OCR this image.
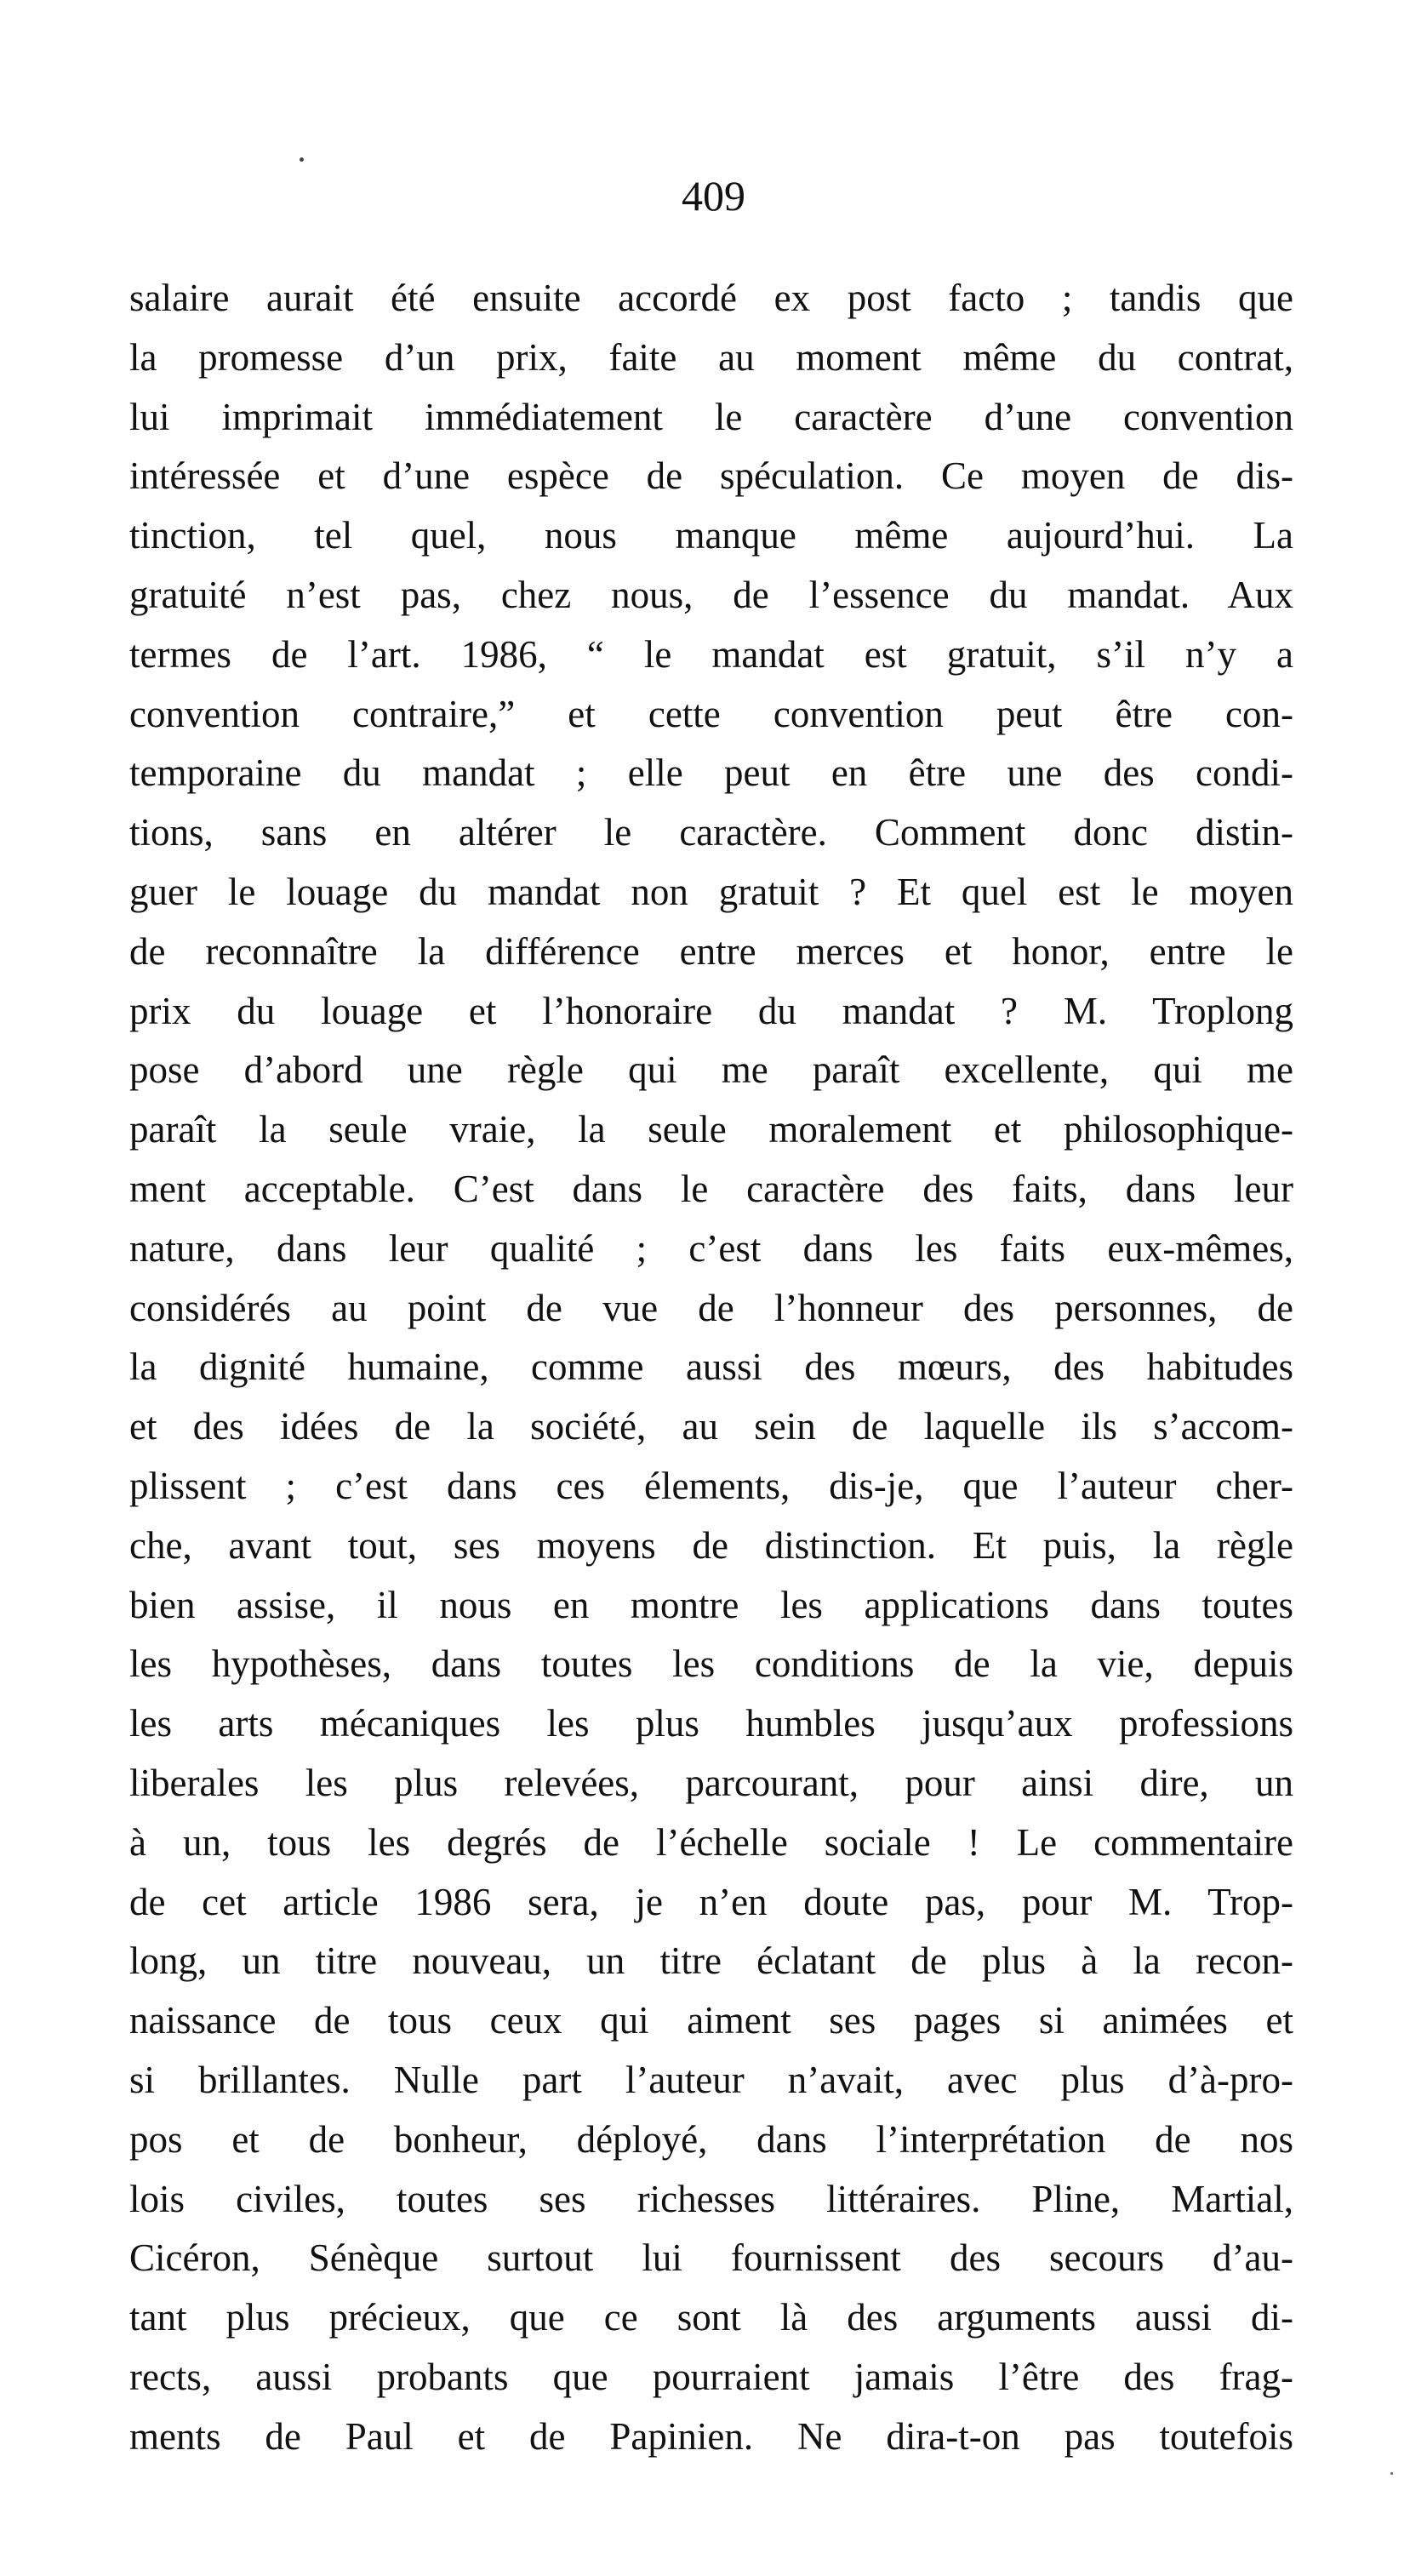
409
salaire aurait été ensuite accordé ex post facto ; tandis que
la promesse d’un prix, faite au moment même du contrat,
lui imprimait immédiatement le caractère d’une convention
intéressée et d’une espèce de spéculation. Ce moyen de dis-
tinction, tel quel, nous manque même aujourd’hui. La
gratuité n’est pas, chez nous, de l’essence du mandat. Aux
termes de l’art. 1986, “ le mandat est gratuit, s’il n’y a
convention contraire,” et cette convention peut être con-
temporaine du mandat ; elle peut en être une des condi-
tions, sans en altérer le caractère. Comment donc distin-
guer le louage du mandat non gratuit ? Et quel est le moyen
de reconnaître la différence entre merces et honor, entre le
prix du louage et l’honoraire du mandat ? M. Troplong
pose d’abord une règle qui me paraît excellente, qui me
paraît la seule vraie, la seule moralement et philosophique-
ment acceptable. C’est dans le caractère des faits, dans leur
nature, dans leur qualité ; c’est dans les faits eux-mêmes,
considérés au point de vue de l’honneur des personnes, de
la dignité humaine, comme aussi des mœurs, des habitudes
et des idées de la société, au sein de laquelle ils s’accom-
plissent ; c’est dans ces élements, dis-je, que l’auteur cher-
che, avant tout, ses moyens de distinction. Et puis, la règle
bien assise, il nous en montre les applications dans toutes
les hypothèses, dans toutes les conditions de la vie, depuis
les arts mécaniques les plus humbles jusqu’aux professions
liberales les plus relevées, parcourant, pour ainsi dire, un
à un, tous les degrés de l’échelle sociale ! Le commentaire
de cet article 1986 sera, je n’en doute pas, pour M. Trop-
long, un titre nouveau, un titre éclatant de plus à la recon-
naissance de tous ceux qui aiment ses pages si animées et
si brillantes. Nulle part l’auteur n’avait, avec plus d’à-pro-
pos et de bonheur, déployé, dans l’interprétation de nos
lois civiles, toutes ses richesses littéraires. Pline, Martial,
Cicéron, Sénèque surtout lui fournissent des secours d’au-
tant plus précieux, que ce sont là des arguments aussi di-
rects, aussi probants que pourraient jamais l’être des frag-
ments de Paul et de Papinien. Ne dira-t-on pas toutefois
